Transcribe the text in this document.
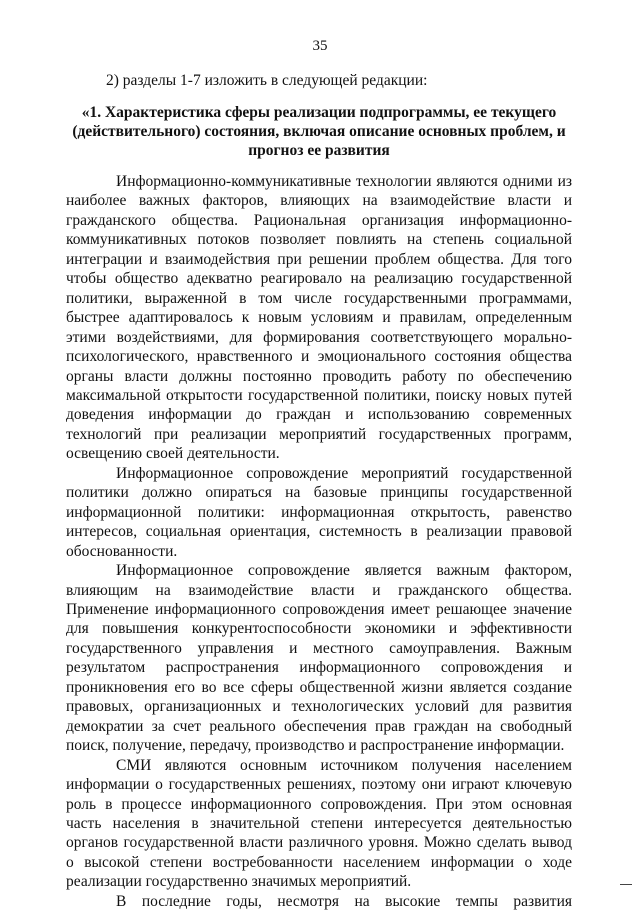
35
2) разделы 1-7 изложить в следующей редакции:
«1. Характеристика сферы реализации подпрограммы, ее текущего (действительного) состояния, включая описание основных проблем, и прогноз ее развития

Информационно-коммуникативные технологии являются одними из наиболее важных факторов, влияющих на взаимодействие власти и гражданского общества. Рациональная организация информационно-коммуникативных потоков позволяет повлиять на степень социальной интеграции и взаимодействия при решении проблем общества. Для того чтобы общество адекватно реагировало на реализацию государственной политики, выраженной в том числе государственными программами, быстрее адаптировалось к новым условиям и правилам, определенным этими воздействиями, для формирования соответствующего морально-психологического, нравственного и эмоционального состояния общества органы власти должны постоянно проводить работу по обеспечению максимальной открытости государственной политики, поиску новых путей доведения информации до граждан и использованию современных технологий при реализации мероприятий государственных программ, освещению своей деятельности.

Информационное сопровождение мероприятий государственной политики должно опираться на базовые принципы государственной информационной политики: информационная открытость, равенство интересов, социальная ориентация, системность в реализации правовой обоснованности.

Информационное сопровождение является важным фактором, влияющим на взаимодействие власти и гражданского общества. Применение информационного сопровождения имеет решающее значение для повышения конкурентоспособности экономики и эффективности государственного управления и местного самоуправления. Важным результатом распространения информационного сопровождения и проникновения его во все сферы общественной жизни является создание правовых, организационных и технологических условий для развития демократии за счет реального обеспечения прав граждан на свободный поиск, получение, передачу, производство и распространение информации.

СМИ являются основным источником получения населением информации о государственных решениях, поэтому они играют ключевую роль в процессе информационного сопровождения. При этом основная часть населения в значительной степени интересуется деятельностью органов государственной власти различного уровня. Можно сделать вывод о высокой степени востребованности населением информации о ходе реализации государственно значимых мероприятий.

В последние годы, несмотря на высокие темпы развития
